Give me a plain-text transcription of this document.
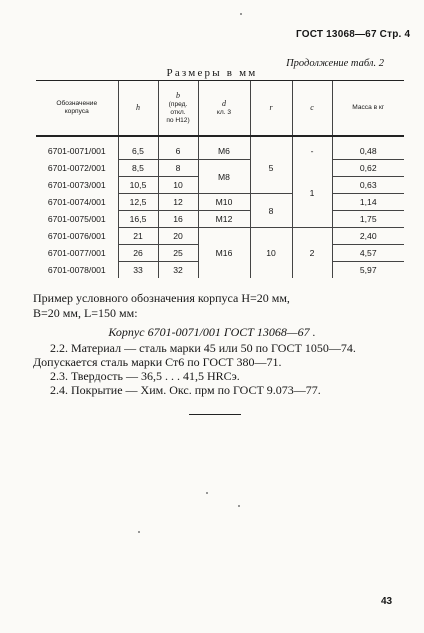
ГОСТ 13068—67 Стр. 4
Продолжение табл. 2
Размеры в мм
Обозначение
корпуса	h	b
(пред.
откл.
по H12)	d
кл. 3	r	c	Масса в кг

6701-0071/001	6,5	6	M6	5	-	0,48
6701-0072/001	8,5	8	M8		1	0,62
6701-0073/001	10,5	10				0,63
6701-0074/001	12,5	12	M10	8		1,14
6701-0075/001	16,5	16	M12			1,75
6701-0076/001	21	20	M16	10	2	2,40
6701-0077/001	26	25				4,57
6701-0078/001	33	32				5,97
Пример условного обозначения корпуса H=20 мм,
B=20 мм, L=150 мм:
Корпус 6701-0071/001 ГОСТ 13068—67 .
2.2. Материал — сталь марки 45 или 50 по ГОСТ 1050—74.
Допускается сталь марки Ст6 по ГОСТ 380—71.
2.3. Твердость — 36,5 . . . 41,5 HRCэ.
2.4. Покрытие — Хим. Окс. прм по ГОСТ 9.073—77.
43
